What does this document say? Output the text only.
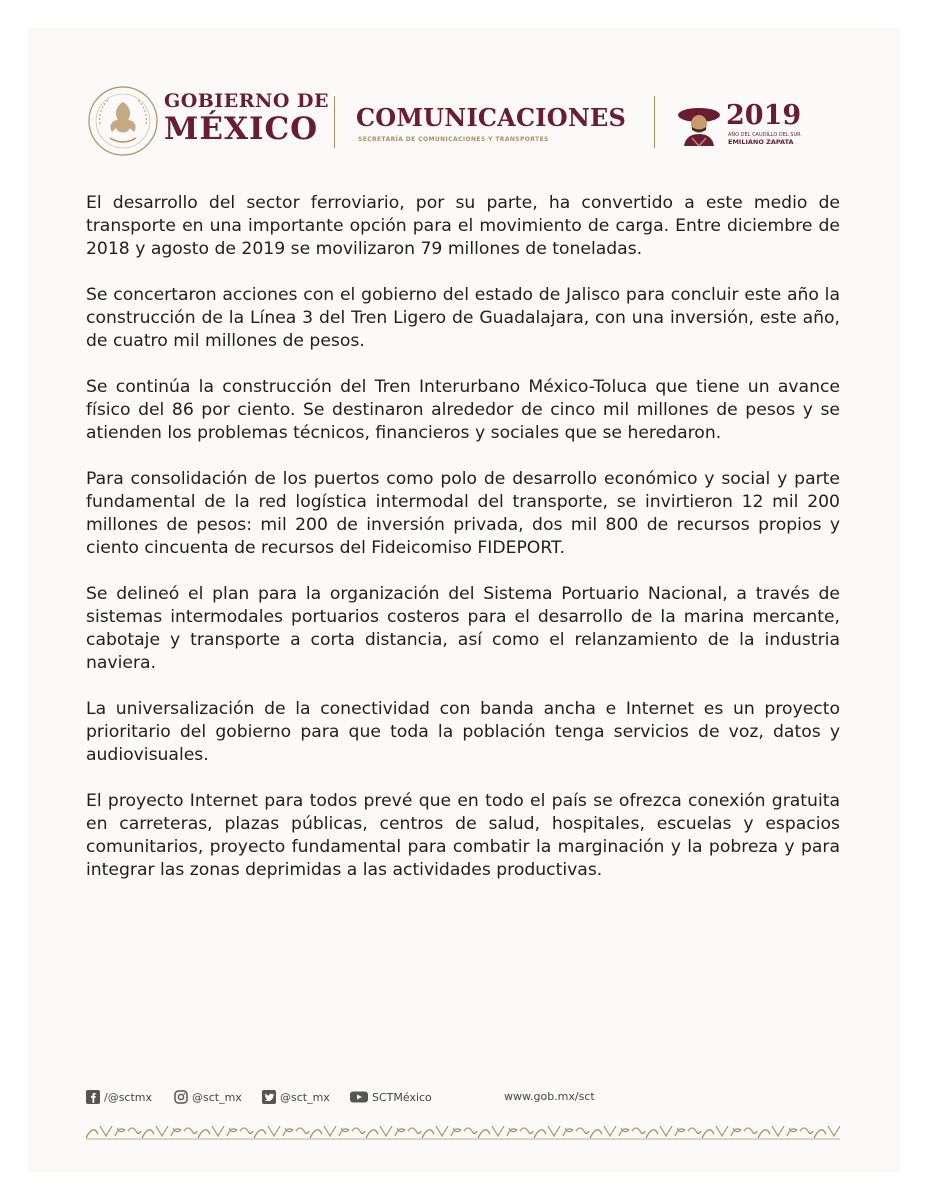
GOBIERNO DE
MÉXICO	COMUNICACIONES
SECRETARÍA DE COMUNICACIONES Y TRANSPORTES
2019
AÑO DEL CAUDILLO DEL SUR
EMILIANO ZAPATA

El desarrollo del sector ferroviario, por su parte, ha convertido a este medio de transporte en una importante opción para el movimiento de carga. Entre diciembre de 2018 y agosto de 2019 se movilizaron 79 millones de toneladas.

Se concertaron acciones con el gobierno del estado de Jalisco para concluir este año la construcción de la Línea 3 del Tren Ligero de Guadalajara, con una inversión, este año, de cuatro mil millones de pesos.

Se continúa la construcción del Tren Interurbano México-Toluca que tiene un avance físico del 86 por ciento. Se destinaron alrededor de cinco mil millones de pesos y se atienden los problemas técnicos, financieros y sociales que se heredaron.

Para consolidación de los puertos como polo de desarrollo económico y social y parte fundamental de la red logística intermodal del transporte, se invirtieron 12 mil 200 millones de pesos: mil 200 de inversión privada, dos mil 800 de recursos propios y ciento cincuenta de recursos del Fideicomiso FIDEPORT.

Se delineó el plan para la organización del Sistema Portuario Nacional, a través de sistemas intermodales portuarios costeros para el desarrollo de la marina mercante, cabotaje y transporte a corta distancia, así como el relanzamiento de la industria naviera.

La universalización de la conectividad con banda ancha e Internet es un proyecto prioritario del gobierno para que toda la población tenga servicios de voz, datos y audiovisuales.

El proyecto Internet para todos prevé que en todo el país se ofrezca conexión gratuita en carreteras, plazas públicas, centros de salud, hospitales, escuelas y espacios comunitarios, proyecto fundamental para combatir la marginación y la pobreza y para integrar las zonas deprimidas a las actividades productivas.

/@sctmx	@sct_mx	@sct_mx	SCTMéxico	www.gob.mx/sct
